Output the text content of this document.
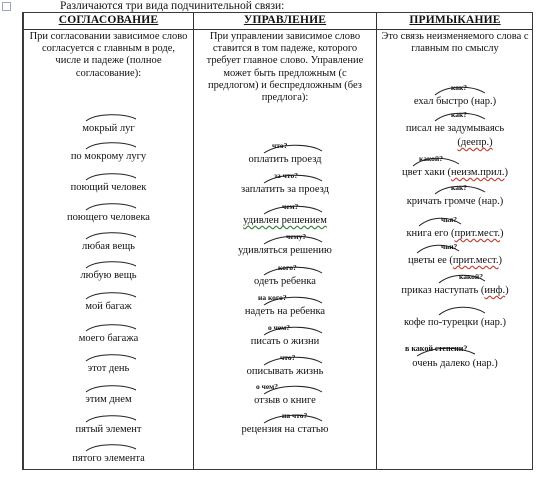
Различаются три вида подчинительной связи:
СОГЛАСОВАНИЕ
При согласовании зависимое слово согласуется с главным в роде, числе и падеже (полное согласование):
мокрый луг
по мокрому лугу
поющий человек
поющего человека
любая вещь
любую вещь
мой багаж
моего багажа
этот день
этим днем
пятый элемент
пятого элемента
УПРАВЛЕНИЕ
При управлении зависимое слово ставится в том падеже, которого требует главное слово. Управление может быть предложным (с предлогом) и беспредложным (без предлога):
что?
оплатить проезд
за что?
заплатить за проезд
чем?
удивлен решением
чему?
удивляться решению
кого?
одеть ребенка
на кого?
надеть на ребенка
о чем?
писать о жизни
что?
описывать жизнь
о чем?
отзыв о книге
на что?
рецензия на статью
ПРИМЫКАНИЕ
Это связь неизменяемого слова с главным по смыслу
как?
ехал быстро (нар.)
как?
писал не задумываясь
(деепр.)
какой?
цвет хаки (неизм.прил.)
как?
кричать громче (нар.)
чья?
книга его (прит.мест.)
чьи?
цветы ее (прит.мест.)
какой?
приказ наступать (инф.)
кофе по-турецки (нар.)
в какой степени?
очень далеко (нар.)
